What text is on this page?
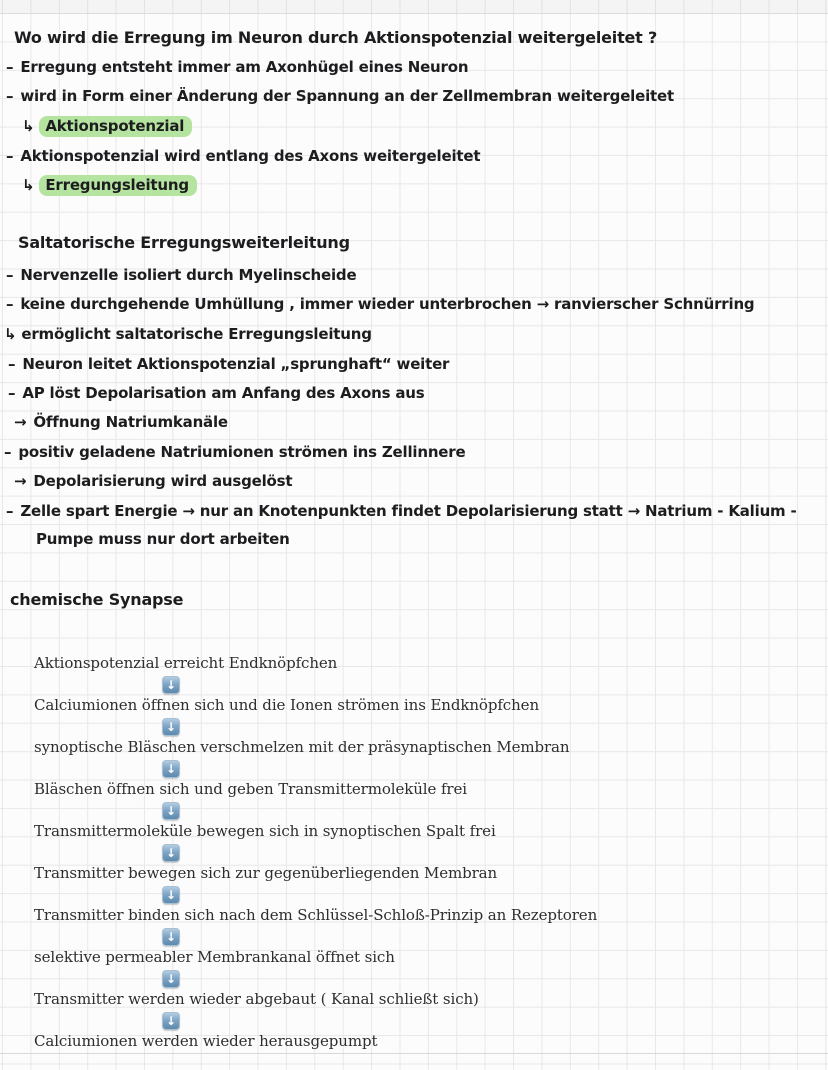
Wo wird die Erregung im Neuron durch Aktionspotenzial weitergeleitet ?
– Erregung entsteht immer am Axonhügel eines Neuron
– wird in Form einer Änderung der Spannung an der Zellmembran weitergeleitet
↳ Aktionspotenzial
– Aktionspotenzial wird entlang des Axons weitergeleitet
↳ Erregungsleitung
Saltatorische Erregungsweiterleitung
– Nervenzelle isoliert durch Myelinscheide
– keine durchgehende Umhüllung , immer wieder unterbrochen → ranvierscher Schnürring
↳ ermöglicht saltatorische Erregungsleitung
– Neuron leitet Aktionspotenzial „sprunghaft“ weiter
– AP löst Depolarisation am Anfang des Axons aus
→ Öffnung Natriumkanäle
– positiv geladene Natriumionen strömen ins Zellinnere
→ Depolarisierung wird ausgelöst
– Zelle spart Energie → nur an Knotenpunkten findet Depolarisierung statt → Natrium - Kalium -
Pumpe muss nur dort arbeiten
chemische Synapse
Aktionspotenzial erreicht Endknöpfchen
↓
Calciumionen öffnen sich und die Ionen strömen ins Endknöpfchen
↓
synoptische Bläschen verschmelzen mit der präsynaptischen Membran
↓
Bläschen öffnen sich und geben Transmittermoleküle frei
↓
Transmittermoleküle bewegen sich in synoptischen Spalt frei
↓
Transmitter bewegen sich zur gegenüberliegenden Membran
↓
Transmitter binden sich nach dem Schlüssel-Schloß-Prinzip an Rezeptoren
↓
selektive permeabler Membrankanal öffnet sich
↓
Transmitter werden wieder abgebaut ( Kanal schließt sich)
↓
Calciumionen werden wieder herausgepumpt
